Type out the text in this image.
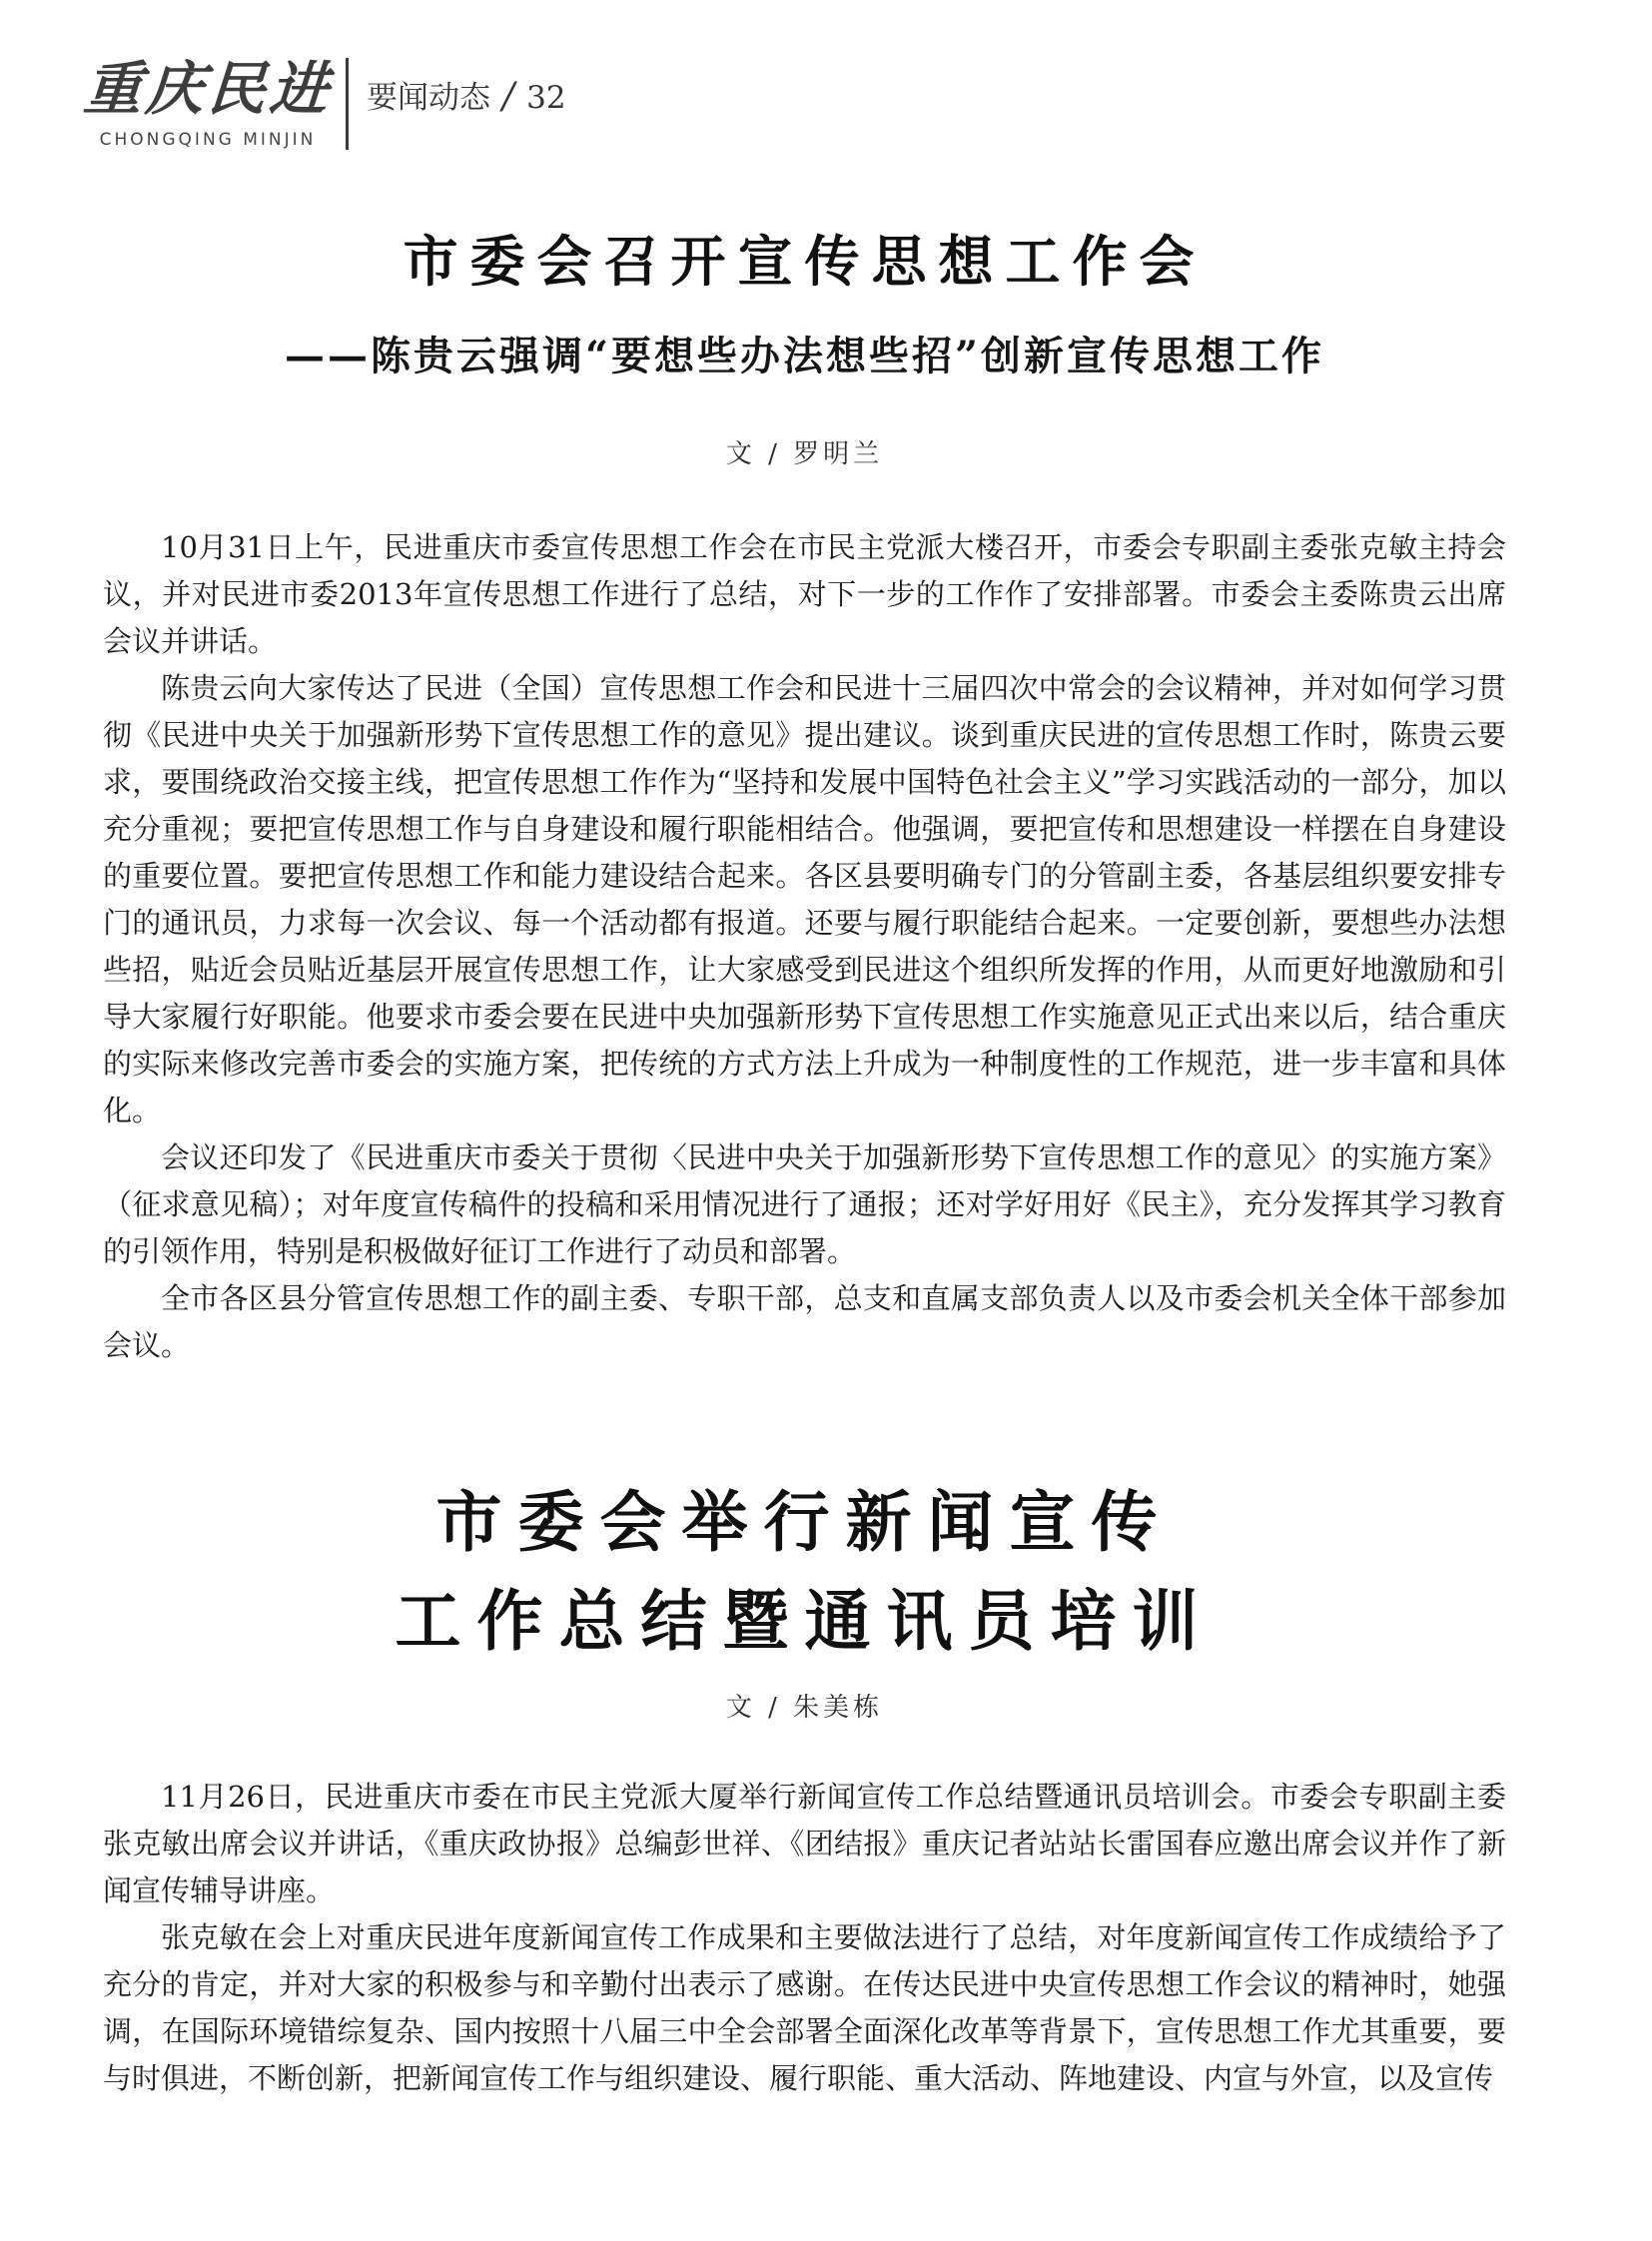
重庆民进
CHONGQING MINJIN
要闻动态 / 32
市委会召开宣传思想工作会
——陈贵云强调“要想些办法想些招”创新宣传思想工作
文 / 罗明兰

10月31日上午，民进重庆市委宣传思想工作会在市民主党派大楼召开，市委会专职副主委张克敏主持会议，并对民进市委2013年宣传思想工作进行了总结，对下一步的工作作了安排部署。市委会主委陈贵云出席会议并讲话。

陈贵云向大家传达了民进（全国）宣传思想工作会和民进十三届四次中常会的会议精神，并对如何学习贯彻《民进中央关于加强新形势下宣传思想工作的意见》提出建议。谈到重庆民进的宣传思想工作时，陈贵云要求，要围绕政治交接主线，把宣传思想工作作为“坚持和发展中国特色社会主义”学习实践活动的一部分，加以充分重视；要把宣传思想工作与自身建设和履行职能相结合。他强调，要把宣传和思想建设一样摆在自身建设的重要位置。要把宣传思想工作和能力建设结合起来。各区县要明确专门的分管副主委，各基层组织要安排专门的通讯员，力求每一次会议、每一个活动都有报道。还要与履行职能结合起来。一定要创新，要想些办法想些招，贴近会员贴近基层开展宣传思想工作，让大家感受到民进这个组织所发挥的作用，从而更好地激励和引导大家履行好职能。他要求市委会要在民进中央加强新形势下宣传思想工作实施意见正式出来以后，结合重庆的实际来修改完善市委会的实施方案，把传统的方式方法上升成为一种制度性的工作规范，进一步丰富和具体化。

会议还印发了《民进重庆市委关于贯彻〈民进中央关于加强新形势下宣传思想工作的意见〉的实施方案》（征求意见稿）；对年度宣传稿件的投稿和采用情况进行了通报；还对学好用好《民主》，充分发挥其学习教育的引领作用，特别是积极做好征订工作进行了动员和部署。

全市各区县分管宣传思想工作的副主委、专职干部，总支和直属支部负责人以及市委会机关全体干部参加会议。

市委会举行新闻宣传
工作总结暨通讯员培训
文 / 朱美栋

11月26日，民进重庆市委在市民主党派大厦举行新闻宣传工作总结暨通讯员培训会。市委会专职副主委张克敏出席会议并讲话，《重庆政协报》总编彭世祥、《团结报》重庆记者站站长雷国春应邀出席会议并作了新闻宣传辅导讲座。

张克敏在会上对重庆民进年度新闻宣传工作成果和主要做法进行了总结，对年度新闻宣传工作成绩给予了充分的肯定，并对大家的积极参与和辛勤付出表示了感谢。在传达民进中央宣传思想工作会议的精神时，她强调，在国际环境错综复杂、国内按照十八届三中全会部署全面深化改革等背景下，宣传思想工作尤其重要，要与时俱进，不断创新，把新闻宣传工作与组织建设、履行职能、重大活动、阵地建设、内宣与外宣，以及宣传
